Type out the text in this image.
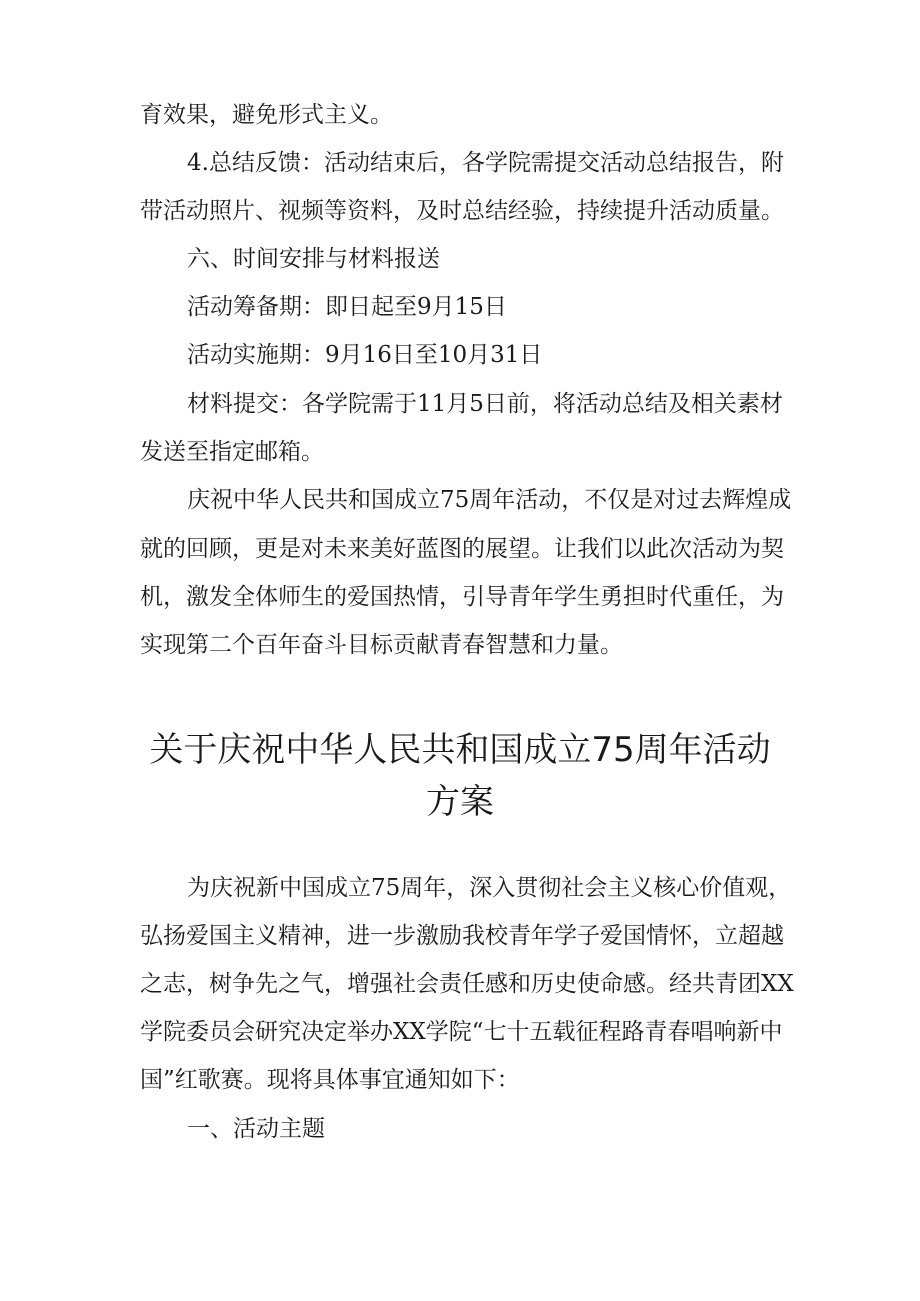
育效果，避免形式主义。
4.总结反馈：活动结束后，各学院需提交活动总结报告，附
带活动照片、视频等资料，及时总结经验，持续提升活动质量。
六、时间安排与材料报送
活动筹备期：即日起至9月15日
活动实施期：9月16日至10月31日
材料提交：各学院需于11月5日前，将活动总结及相关素材
发送至指定邮箱。
庆祝中华人民共和国成立75周年活动，不仅是对过去辉煌成
就的回顾，更是对未来美好蓝图的展望。让我们以此次活动为契
机，激发全体师生的爱国热情，引导青年学生勇担时代重任，为
实现第二个百年奋斗目标贡献青春智慧和力量。
关于庆祝中华人民共和国成立75周年活动
方案
为庆祝新中国成立75周年，深入贯彻社会主义核心价值观，
弘扬爱国主义精神，进一步激励我校青年学子爱国情怀，立超越
之志，树争先之气，增强社会责任感和历史使命感。经共青团XX
学院委员会研究决定举办XX学院“七十五载征程路青春唱响新中
国”红歌赛。现将具体事宜通知如下：
一、活动主题
